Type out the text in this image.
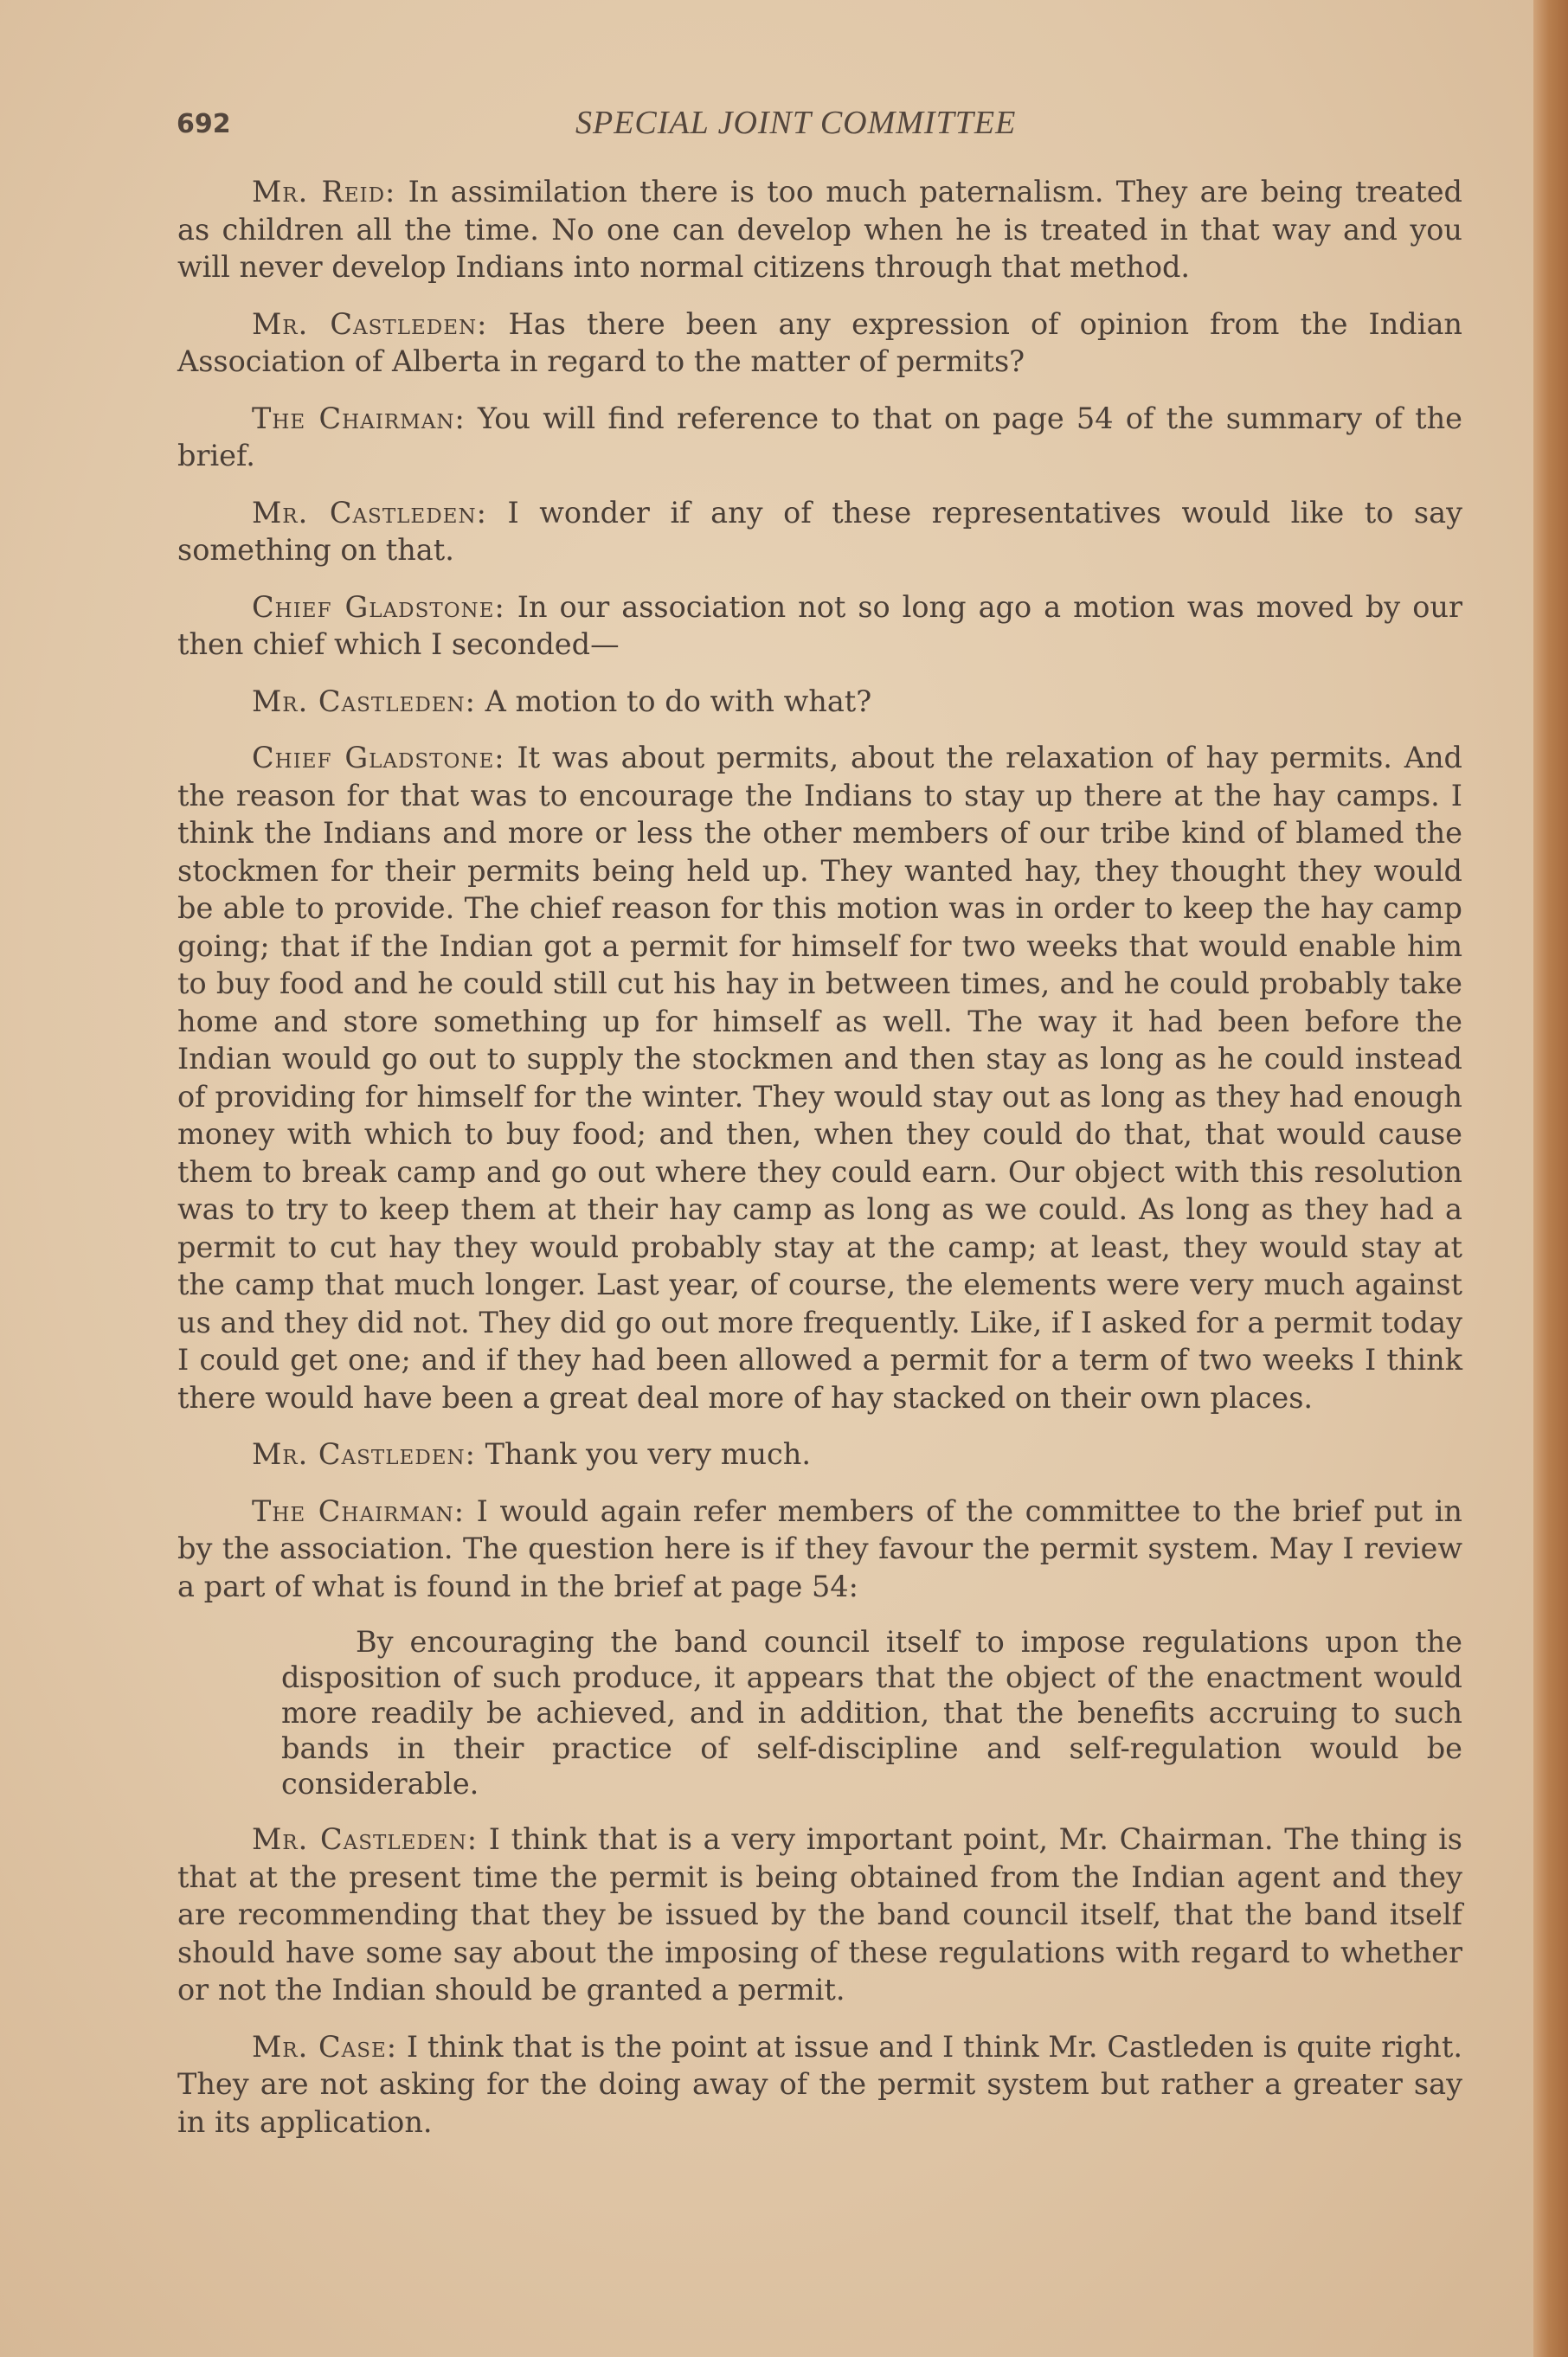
692	SPECIAL JOINT COMMITTEE

Mr. Reid: In assimilation there is too much paternalism. They are being treated as children all the time. No one can develop when he is treated in that way and you will never develop Indians into normal citizens through that method.

Mr. Castleden: Has there been any expression of opinion from the Indian Association of Alberta in regard to the matter of permits?

The Chairman: You will find reference to that on page 54 of the summary of the brief.

Mr. Castleden: I wonder if any of these representatives would like to say something on that.

Chief Gladstone: In our association not so long ago a motion was moved by our then chief which I seconded—

Mr. Castleden: A motion to do with what?

Chief Gladstone: It was about permits, about the relaxation of hay permits. And the reason for that was to encourage the Indians to stay up there at the hay camps. I think the Indians and more or less the other members of our tribe kind of blamed the stockmen for their permits being held up. They wanted hay, they thought they would be able to provide. The chief reason for this motion was in order to keep the hay camp going; that if the Indian got a permit for himself for two weeks that would enable him to buy food and he could still cut his hay in between times, and he could probably take home and store something up for himself as well. The way it had been before the Indian would go out to supply the stockmen and then stay as long as he could instead of providing for himself for the winter. They would stay out as long as they had enough money with which to buy food; and then, when they could do that, that would cause them to break camp and go out where they could earn. Our object with this resolution was to try to keep them at their hay camp as long as we could. As long as they had a permit to cut hay they would probably stay at the camp; at least, they would stay at the camp that much longer. Last year, of course, the elements were very much against us and they did not. They did go out more frequently. Like, if I asked for a permit today I could get one; and if they had been allowed a permit for a term of two weeks I think there would have been a great deal more of hay stacked on their own places.

Mr. Castleden: Thank you very much.

The Chairman: I would again refer members of the committee to the brief put in by the association. The question here is if they favour the permit system. May I review a part of what is found in the brief at page 54:

By encouraging the band council itself to impose regulations upon the disposition of such produce, it appears that the object of the enactment would more readily be achieved, and in addition, that the benefits accruing to such bands in their practice of self-discipline and self-regulation would be considerable.

Mr. Castleden: I think that is a very important point, Mr. Chairman. The thing is that at the present time the permit is being obtained from the Indian agent and they are recommending that they be issued by the band council itself, that the band itself should have some say about the imposing of these regulations with regard to whether or not the Indian should be granted a permit.

Mr. Case: I think that is the point at issue and I think Mr. Castleden is quite right. They are not asking for the doing away of the permit system but rather a greater say in its application.
